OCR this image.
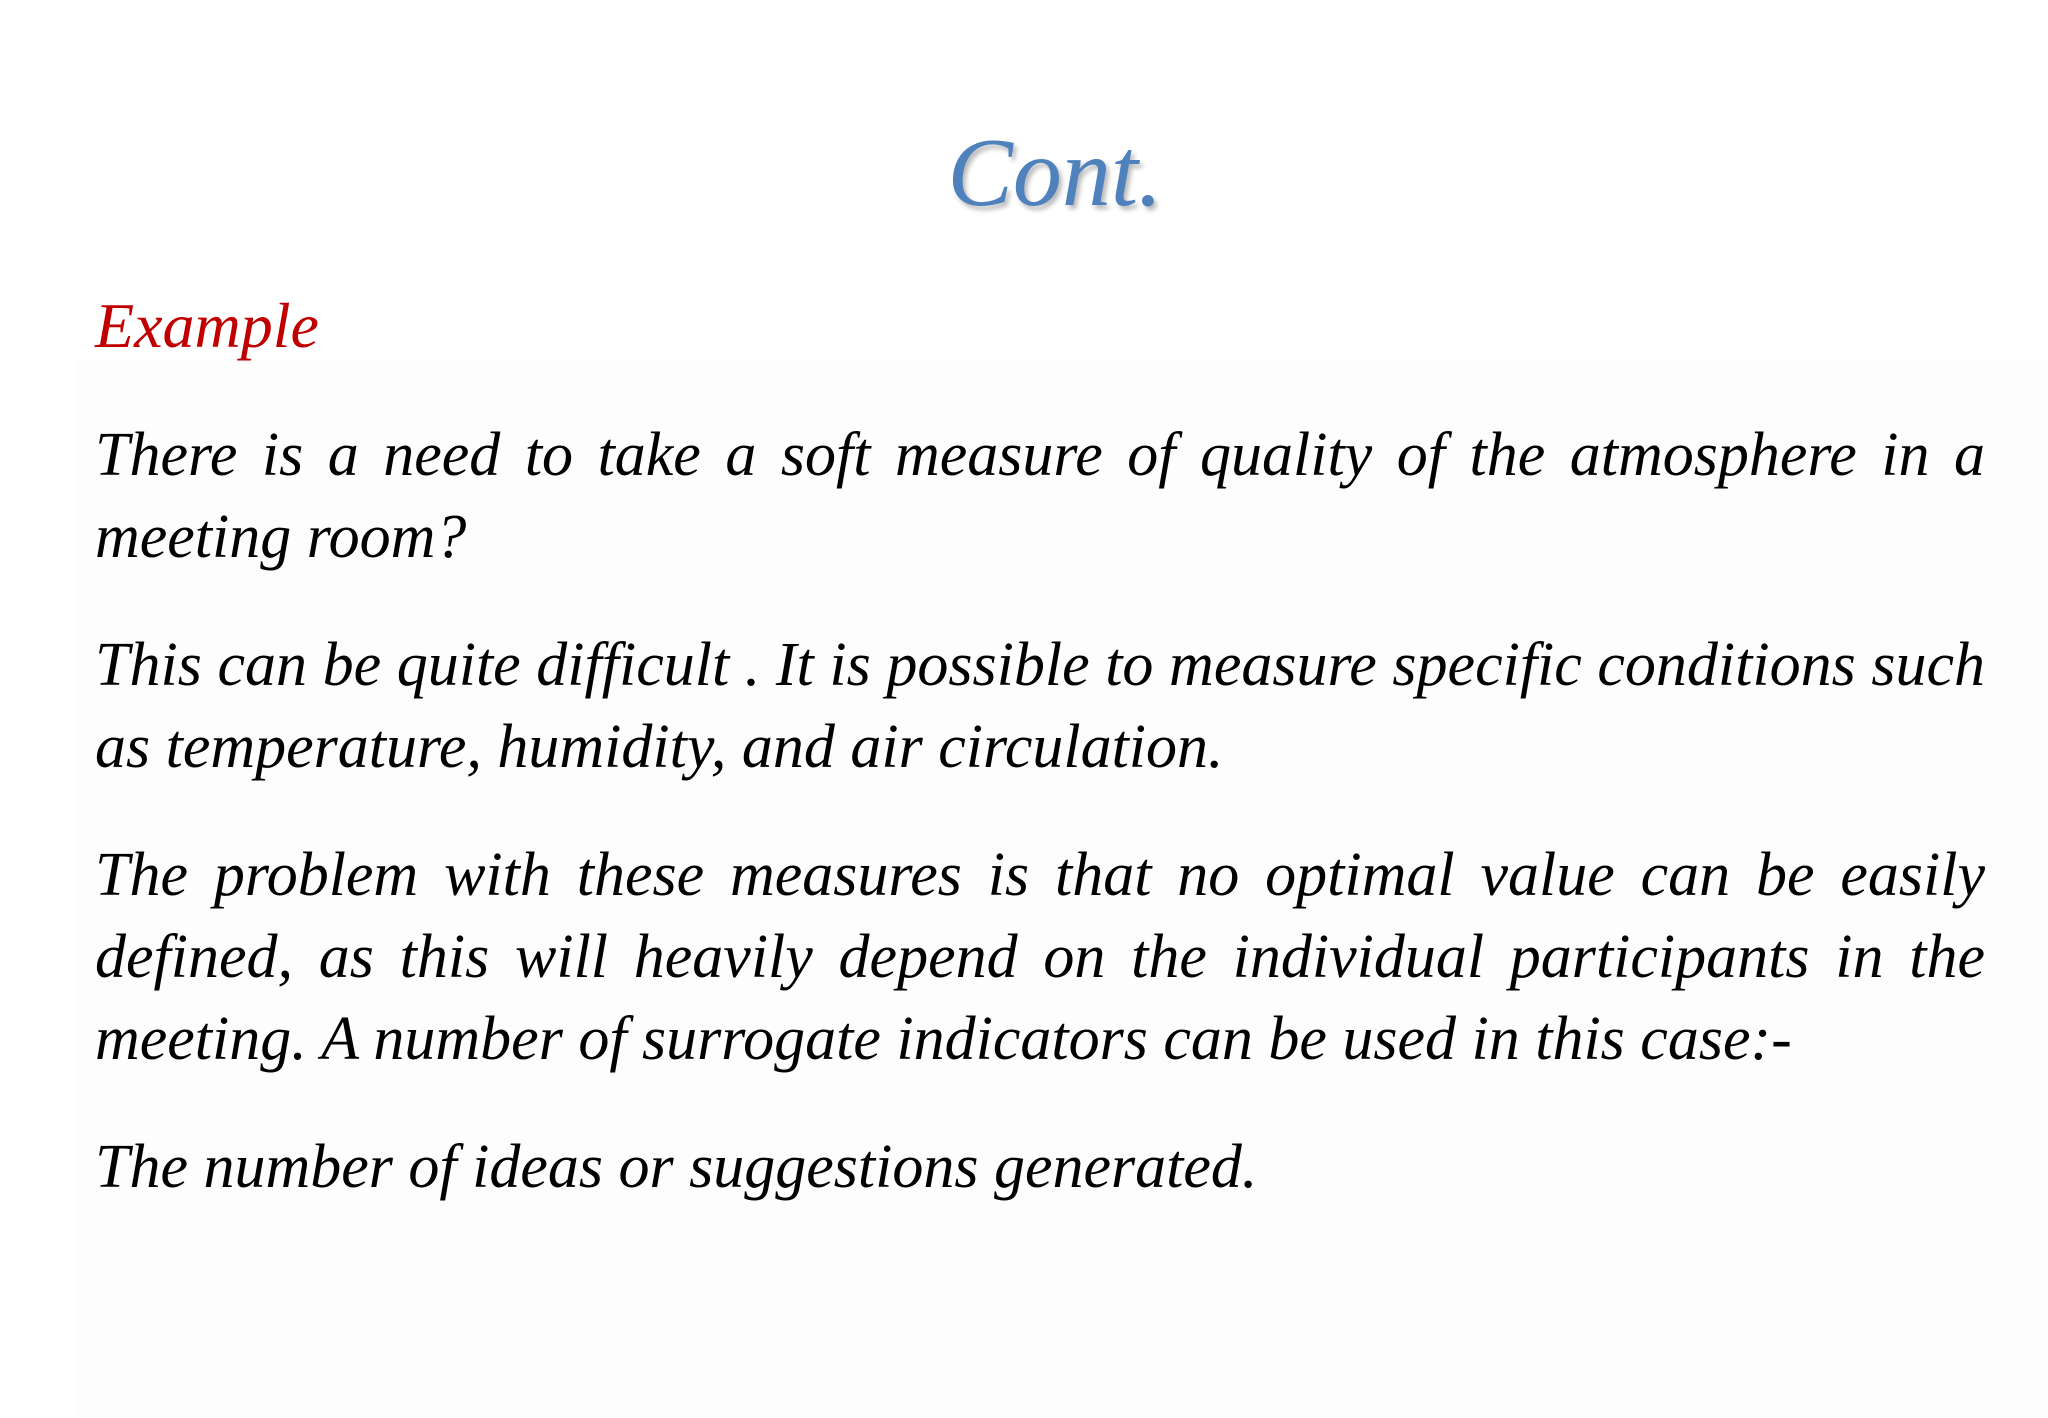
Cont.

Example

There is a need to take a soft measure of quality of the atmosphere in a meeting room?

This can be quite difficult . It is possible to measure specific conditions such as temperature, humidity, and air circulation.

The problem with these measures is that no optimal value can be easily defined, as this will heavily depend on the individual participants in the meeting. A number of surrogate indicators can be used in this case:-

The number of ideas or suggestions generated.
